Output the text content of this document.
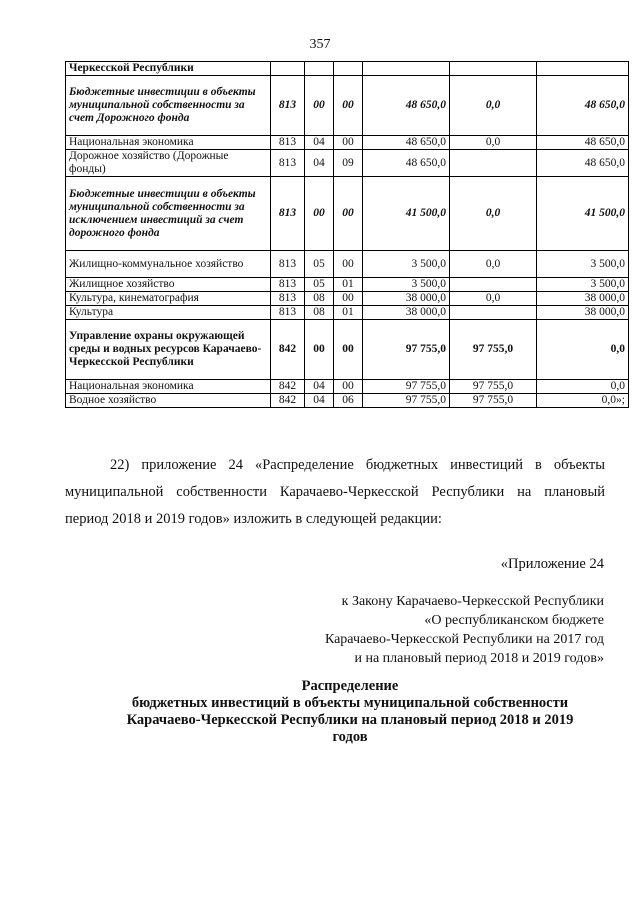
357
Черкесской Республики						
Бюджетные инвестиции в объекты муниципальной собственности за счет Дорожного фонда	813	00	00	48 650,0	0,0	48 650,0
Национальная экономика	813	04	00	48 650,0	0,0	48 650,0
Дорожное хозяйство (Дорожные фонды)	813	04	09	48 650,0		48 650,0
Бюджетные инвестиции в объекты муниципальной собственности за исключением инвестиций за счет дорожного фонда	813	00	00	41 500,0	0,0	41 500,0
Жилищно-коммунальное хозяйство	813	05	00	3 500,0	0,0	3 500,0
Жилищное хозяйство	813	05	01	3 500,0		3 500,0
Культура, кинематография	813	08	00	38 000,0	0,0	38 000,0
Культура	813	08	01	38 000,0		38 000,0
Управление охраны окружающей среды и водных ресурсов Карачаево-Черкесской Республики	842	00	00	97 755,0	97 755,0	0,0
Национальная экономика	842	04	00	97 755,0	97 755,0	0,0
Водное хозяйство	842	04	06	97 755,0	97 755,0	0,0»;
22) приложение 24 «Распределение бюджетных инвестиций в объекты муниципальной собственности Карачаево-Черкесской Республики на плановый период 2018 и 2019 годов» изложить в следующей редакции:
«Приложение 24
к Закону Карачаево-Черкесской Республики
«О республиканском бюджете
Карачаево-Черкесской Республики на 2017 год
и на плановый период 2018 и 2019 годов»
Распределение
бюджетных инвестиций в объекты муниципальной собственности
Карачаево-Черкесской Республики на плановый период 2018 и 2019
годов
